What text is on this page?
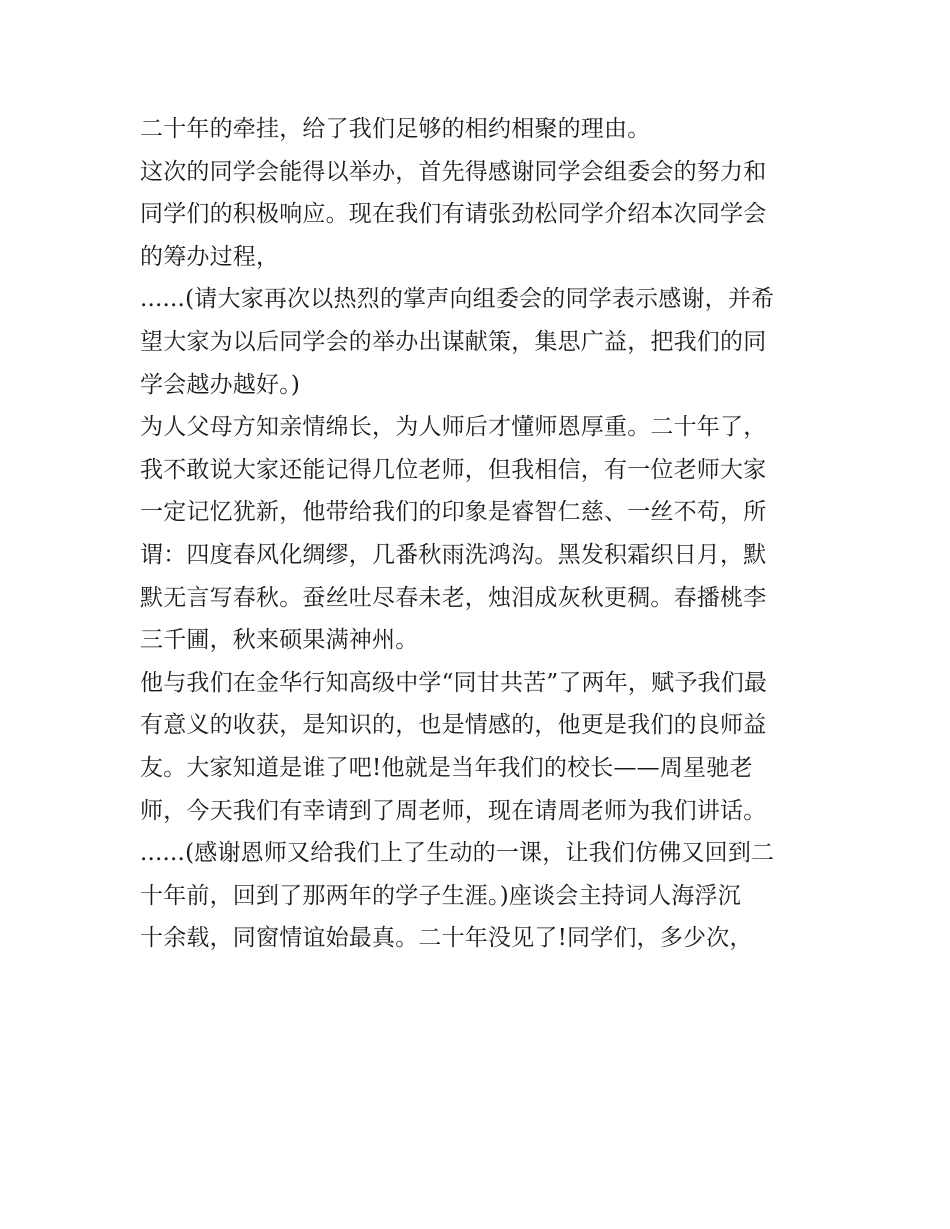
二十年的牵挂，给了我们足够的相约相聚的理由。
这次的同学会能得以举办，首先得感谢同学会组委会的努力和
同学们的积极响应。现在我们有请张劲松同学介绍本次同学会
的筹办过程，
......(请大家再次以热烈的掌声向组委会的同学表示感谢，并希
望大家为以后同学会的举办出谋献策，集思广益，把我们的同
学会越办越好。)
为人父母方知亲情绵长，为人师后才懂师恩厚重。二十年了，
我不敢说大家还能记得几位老师，但我相信，有一位老师大家
一定记忆犹新，他带给我们的印象是睿智仁慈、一丝不苟，所
谓：四度春风化绸缪，几番秋雨洗鸿沟。黑发积霜织日月，默
默无言写春秋。蚕丝吐尽春未老，烛泪成灰秋更稠。春播桃李
三千圃，秋来硕果满神州。
他与我们在金华行知高级中学“同甘共苦”了两年，赋予我们最
有意义的收获，是知识的，也是情感的，他更是我们的良师益
友。大家知道是谁了吧!他就是当年我们的校长——周星驰老
师，今天我们有幸请到了周老师，现在请周老师为我们讲话。
......(感谢恩师又给我们上了生动的一课，让我们仿佛又回到二
十年前，回到了那两年的学子生涯。)座谈会主持词人海浮沉
十余载，同窗情谊始最真。二十年没见了!同学们，多少次，
